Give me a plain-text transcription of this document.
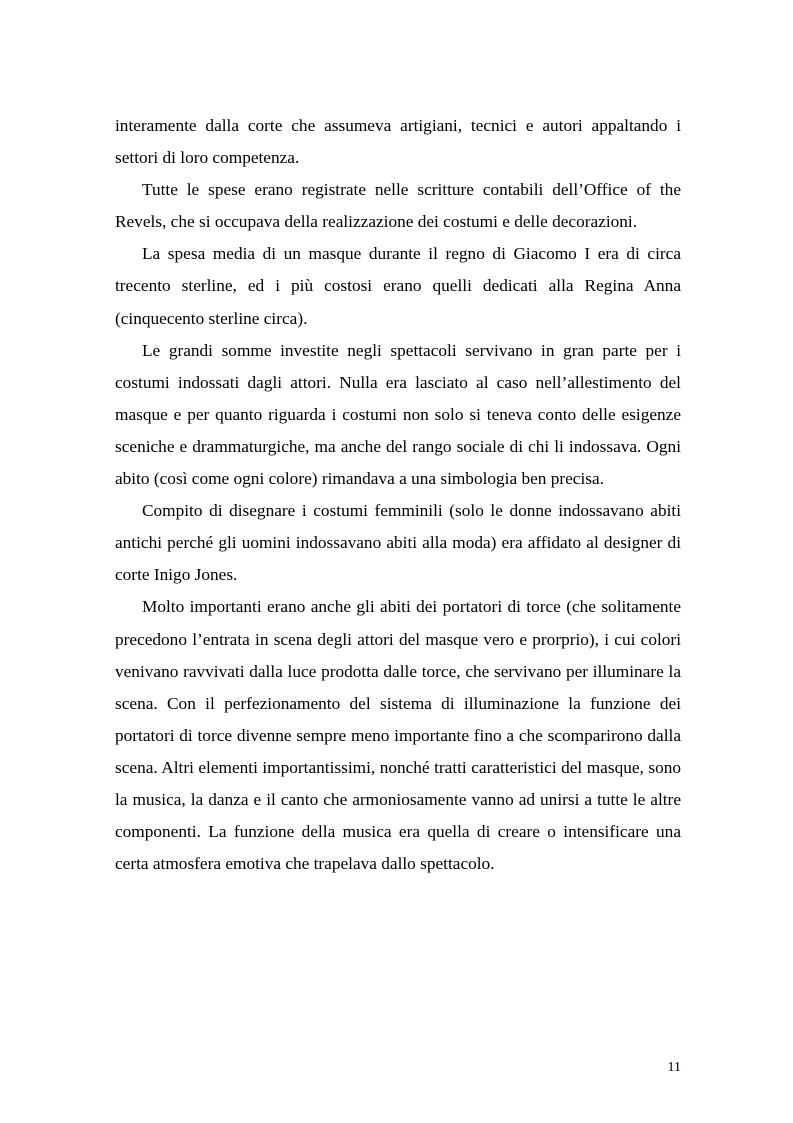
interamente dalla corte che assumeva artigiani, tecnici e autori appaltando i settori di loro competenza.

Tutte le spese erano registrate nelle scritture contabili dell’Office of the Revels, che si occupava della realizzazione dei costumi e delle decorazioni.

La spesa media di un masque durante il regno di Giacomo I era di circa trecento sterline, ed i più costosi erano quelli dedicati alla Regina Anna (cinquecento sterline circa).

Le grandi somme investite negli spettacoli servivano in gran parte per i costumi indossati dagli attori. Nulla era lasciato al caso nell’allestimento del masque e per quanto riguarda i costumi non solo si teneva conto delle esigenze sceniche e drammaturgiche, ma anche del rango sociale di chi li indossava. Ogni abito (così come ogni colore) rimandava a una simbologia ben precisa.

Compito di disegnare i costumi femminili (solo le donne indossavano abiti antichi perché gli uomini indossavano abiti alla moda) era affidato al designer di corte Inigo Jones.

Molto importanti erano anche gli abiti dei portatori di torce (che solitamente precedono l’entrata in scena degli attori del masque vero e prorprio), i cui colori venivano ravvivati dalla luce prodotta dalle torce, che servivano per illuminare la scena. Con il perfezionamento del sistema di illuminazione la funzione dei portatori di torce divenne sempre meno importante fino a che scomparirono dalla scena. Altri elementi importantissimi, nonché tratti caratteristici del masque, sono la musica, la danza e il canto che armoniosamente vanno ad unirsi a tutte le altre componenti. La funzione della musica era quella di creare o intensificare una certa atmosfera emotiva che trapelava dallo spettacolo.

11
